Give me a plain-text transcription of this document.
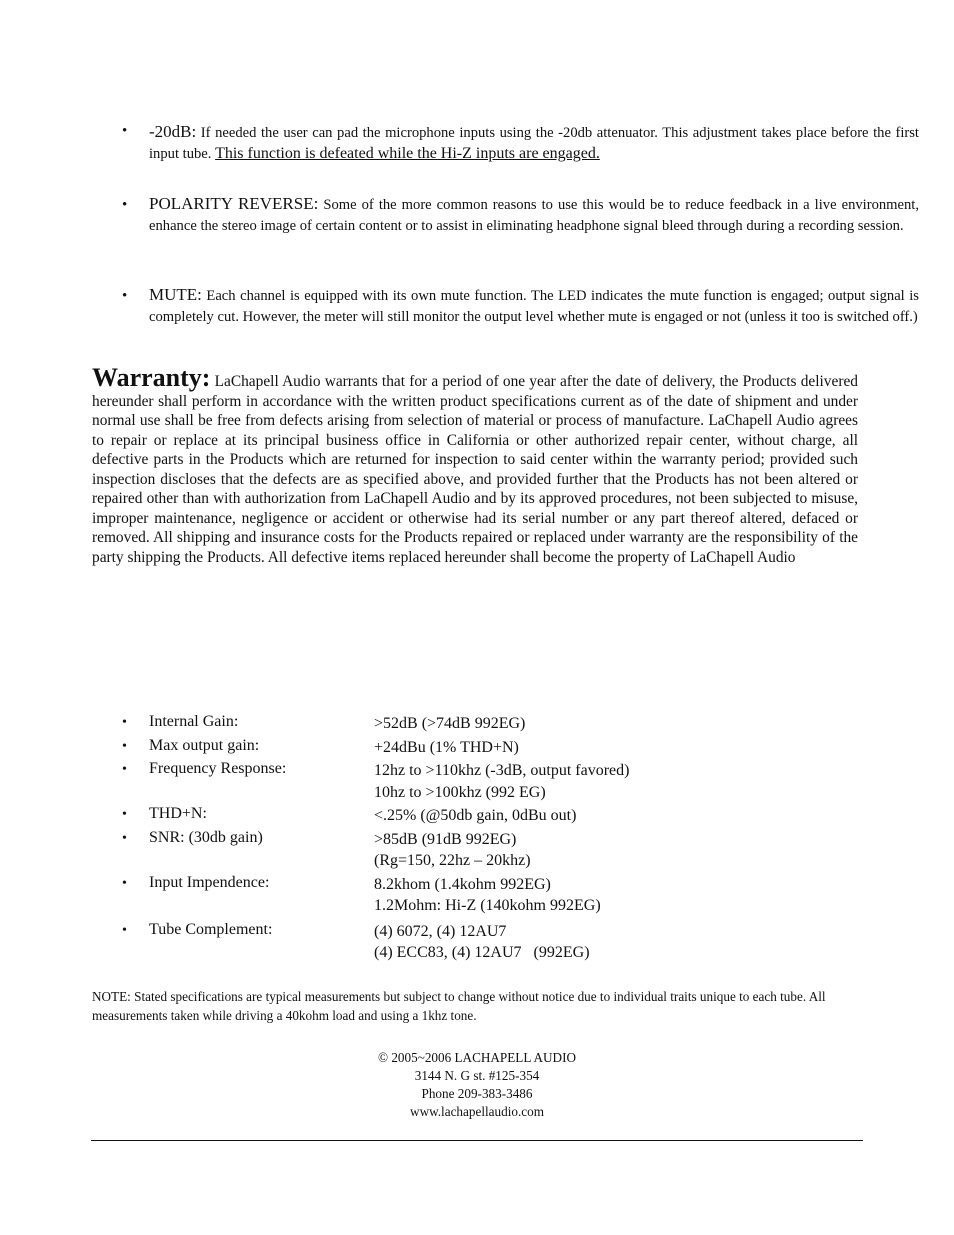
• -20dB: If needed the user can pad the microphone inputs using the -20db attenuator. This adjustment takes place before the first input tube. This function is defeated while the Hi-Z inputs are engaged.
• POLARITY REVERSE: Some of the more common reasons to use this would be to reduce feedback in a live environment, enhance the stereo image of certain content or to assist in eliminating headphone signal bleed through during a recording session.
• MUTE: Each channel is equipped with its own mute function. The LED indicates the mute function is engaged; output signal is completely cut. However, the meter will still monitor the output level whether mute is engaged or not (unless it too is switched off.)
Warranty: LaChapell Audio warrants that for a period of one year after the date of delivery, the Products delivered hereunder shall perform in accordance with the written product specifications current as of the date of shipment and under normal use shall be free from defects arising from selection of material or process of manufacture. LaChapell Audio agrees to repair or replace at its principal business office in California or other authorized repair center, without charge, all defective parts in the Products which are returned for inspection to said center within the warranty period; provided such inspection discloses that the defects are as specified above, and provided further that the Products has not been altered or repaired other than with authorization from LaChapell Audio and by its approved procedures, not been subjected to misuse, improper maintenance, negligence or accident or otherwise had its serial number or any part thereof altered, defaced or removed. All shipping and insurance costs for the Products repaired or replaced under warranty are the responsibility of the party shipping the Products. All defective items replaced hereunder shall become the property of LaChapell Audio
• Internal Gain:	>52dB (>74dB 992EG)
• Max output gain:	+24dBu (1% THD+N)
• Frequency Response:	12hz to >110khz (-3dB, output favored)
10hz to >100khz (992 EG)
• THD+N:	<.25% (@50db gain, 0dBu out)
• SNR: (30db gain)	>85dB (91dB 992EG)
(Rg=150, 22hz – 20khz)
• Input Impendence:	8.2khom (1.4kohm 992EG)
1.2Mohm: Hi-Z (140kohm 992EG)
• Tube Complement:	(4) 6072, (4) 12AU7
(4) ECC83, (4) 12AU7   (992EG)
NOTE: Stated specifications are typical measurements but subject to change without notice due to individual traits unique to each tube. All measurements taken while driving a 40kohm load and using a 1khz tone.
© 2005~2006 LACHAPELL AUDIO
3144 N. G st. #125-354
Phone 209-383-3486
www.lachapellaudio.com
